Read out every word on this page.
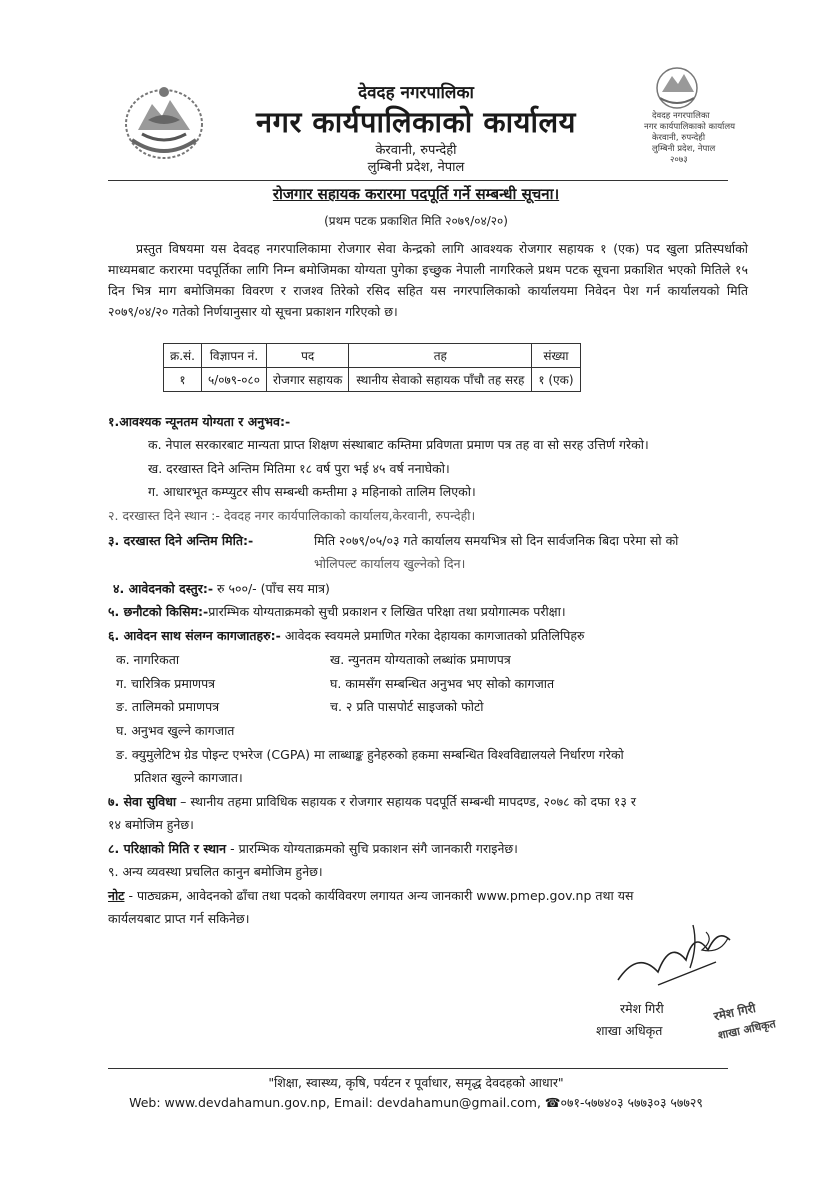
देवदह नगरपालिका
नगर कार्यपालिकाको कार्यालय
केरवानी, रुपन्देही
लुम्बिनी प्रदेश, नेपाल
देवदह नगरपालिका
नगर कार्यपालिकाको कार्यालय
केरवानी, रुपन्देही
लुम्बिनी प्रदेश, नेपाल
२०७३
रोजगार सहायक करारमा पदपूर्ति गर्ने सम्बन्धी सूचना।
(प्रथम पटक प्रकाशित मिति २०७९/०४/२०)
प्रस्तुत विषयमा यस देवदह नगरपालिकामा रोजगार सेवा केन्द्रको लागि आवश्यक रोजगार सहायक १ (एक) पद खुला प्रतिस्पर्धाको माध्यमबाट करारमा पदपूर्तिका लागि निम्न बमोजिमका योग्यता पुगेका इच्छुक नेपाली नागरिकले प्रथम पटक सूचना प्रकाशित भएको मितिले १५ दिन भित्र माग बमोजिमका विवरण र राजश्व तिरेको रसिद सहित यस नगरपालिकाको कार्यालयमा निवेदन पेश गर्न कार्यालयको मिति २०७९/०४/२० गतेको निर्णयानुसार यो सूचना प्रकाशन गरिएको छ।
क्र.सं.	विज्ञापन नं.	पद	तह	संख्या
१	५/०७९-०८०	रोजगार सहायक	स्थानीय सेवाको सहायक पाँचौ तह सरह	१ (एक)
१.आवश्यक न्यूनतम योग्यता र अनुभव:-
क. नेपाल सरकारबाट मान्यता प्राप्त शिक्षण संस्थाबाट कम्तिमा प्रविणता प्रमाण पत्र तह वा सो सरह उत्तिर्ण गरेको।
ख. दरखास्त दिने अन्तिम मितिमा १८ वर्ष पुरा भई ४५ वर्ष ननाघेको।
ग. आधारभूत कम्प्युटर सीप सम्बन्धी कम्तीमा ३ महिनाको तालिम लिएको।
२. दरखास्त दिने स्थान :- देवदह नगर कार्यपालिकाको कार्यालय,केरवानी, रुपन्देही।
३. दरखास्त दिने अन्तिम मिति:-	मिति २०७९/०५/०३ गते कार्यालय समयभित्र सो दिन सार्वजनिक बिदा परेमा सो को
भोलिपल्ट कार्यालय खुल्नेको दिन।
४. आवेदनको दस्तुर:- रु ५००/- (पाँच सय मात्र)
५. छनौटको किसिम:-प्रारम्भिक योग्यताक्रमको सुची प्रकाशन र लिखित परिक्षा तथा प्रयोगात्मक परीक्षा।
६. आवेदन साथ संलग्न कागजातहरु:- आवेदक स्वयमले प्रमाणित गरेका देहायका कागजातको प्रतिलिपिहरु
क. नागरिकता	ख. न्युनतम योग्यताको लब्धांक प्रमाणपत्र
ग. चारित्रिक प्रमाणपत्र	घ. कामसँग सम्बन्धित अनुभव भए सोको कागजात
ङ. तालिमको प्रमाणपत्र	च. २ प्रति पासपोर्ट साइजको फोटो
घ. अनुभव खुल्ने कागजात
ङ. क्युमुलेटिभ ग्रेड पोइन्ट एभरेज (CGPA) मा लाब्धाङ्क हुनेहरुको हकमा सम्बन्धित विश्वविद्यालयले निर्धारण गरेको
प्रतिशत खुल्ने कागजात।
७. सेवा सुविधा – स्थानीय तहमा प्राविधिक सहायक र रोजगार सहायक पदपूर्ति सम्बन्धी मापदण्ड, २०७८ को दफा १३ र
१४ बमोजिम हुनेछ।
८. परिक्षाको मिति र स्थान - प्रारम्भिक योग्यताक्रमको सुचि प्रकाशन संगै जानकारी गराइनेछ।
९. अन्य व्यवस्था प्रचलित कानुन बमोजिम हुनेछ।
नोट - पाठ्यक्रम, आवेदनको ढाँचा तथा पदको कार्यविवरण लगायत अन्य जानकारी www.pmep.gov.np तथा यस
कार्यलयबाट प्राप्त गर्न सकिनेछ।
रमेश गिरी
शाखा अधिकृत
रमेश गिरी
शाखा अधिकृत
"शिक्षा, स्वास्थ्य, कृषि, पर्यटन र पूर्वाधार, समृद्ध देवदहको आधार"
Web: www.devdahamun.gov.np, Email: devdahamun@gmail.com, ☎०७१-५७७४०३ ५७७३०३ ५७७२९
